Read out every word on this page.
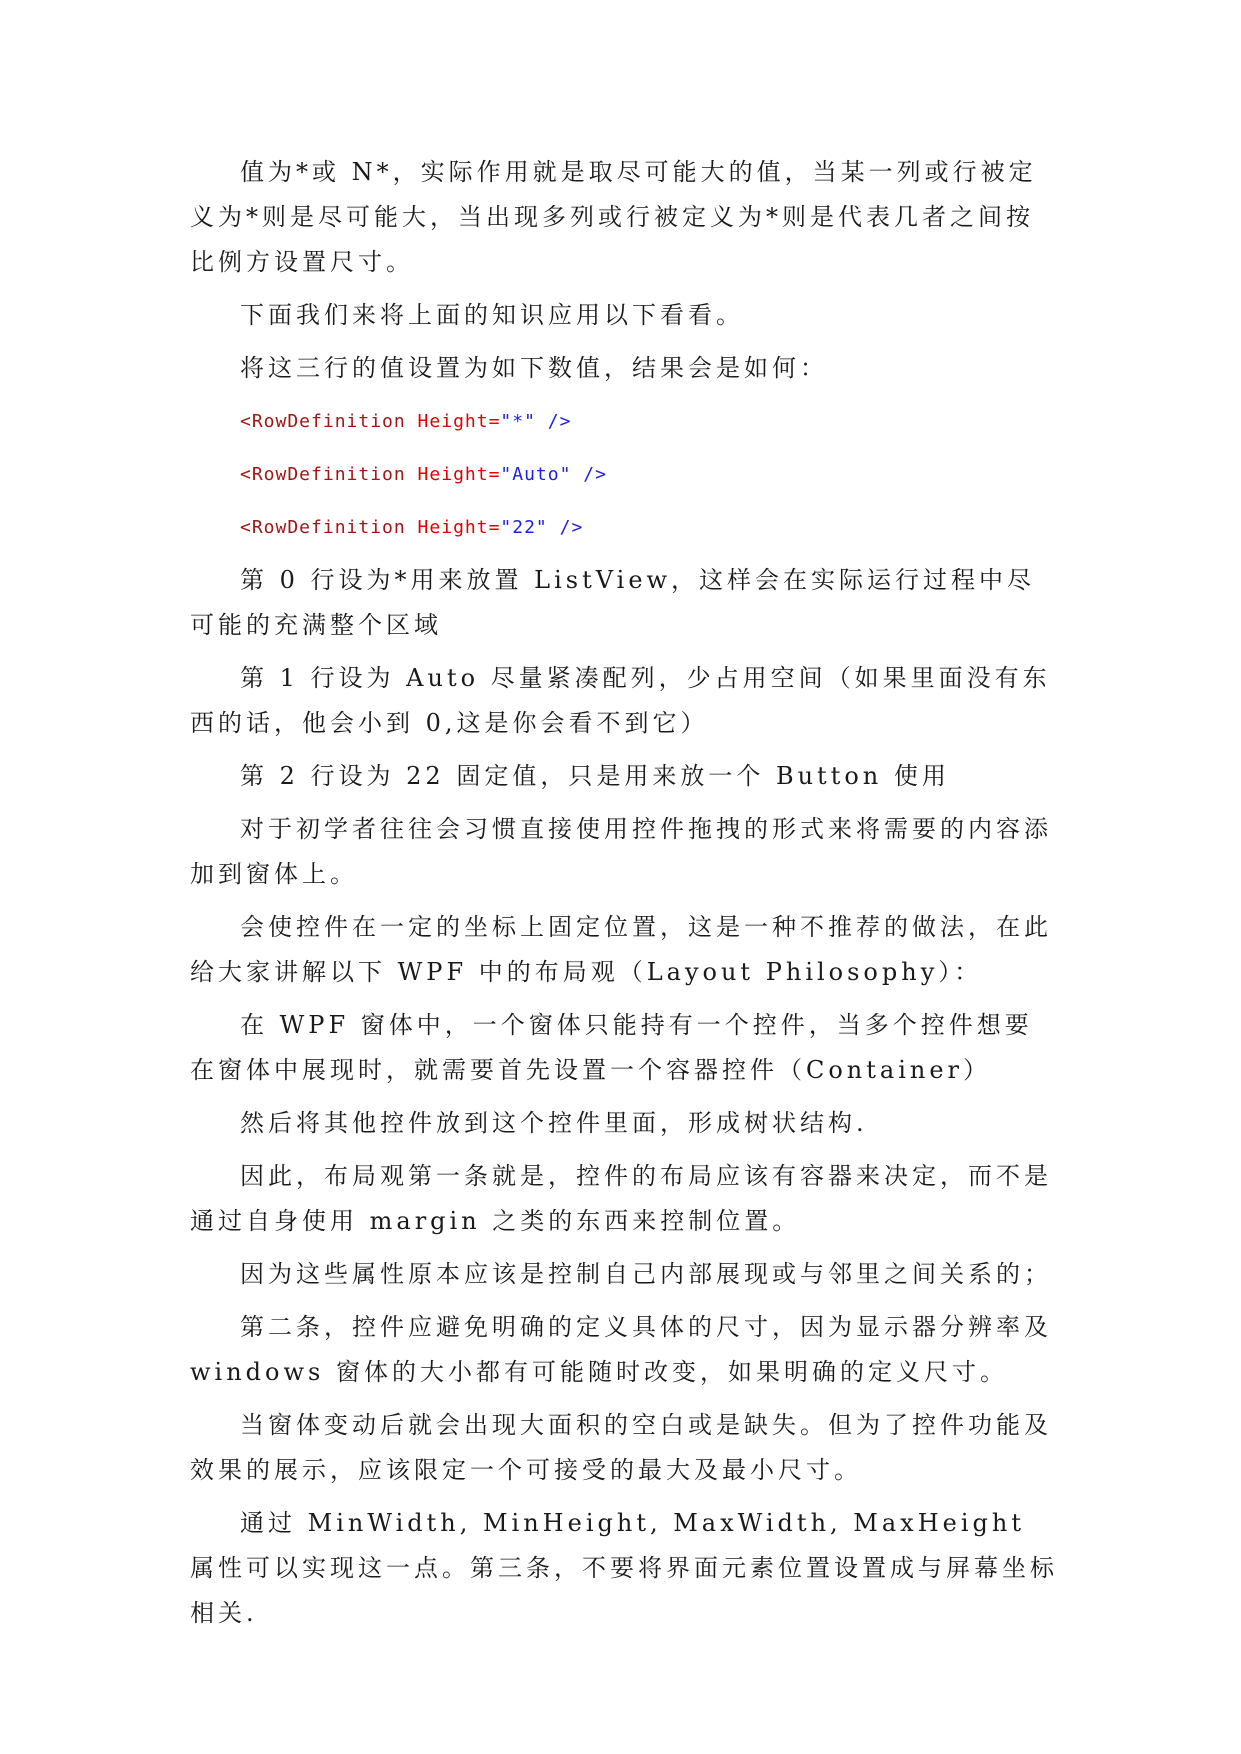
值为*或 N*，实际作用就是取尽可能大的值，当某一列或行被定义为*则是尽可能大，当出现多列或行被定义为*则是代表几者之间按比例方设置尺寸。

下面我们来将上面的知识应用以下看看。

将这三行的值设置为如下数值，结果会是如何：

<RowDefinition Height="*" />
<RowDefinition Height="Auto" />
<RowDefinition Height="22" />

第 0 行设为*用来放置 ListView，这样会在实际运行过程中尽可能的充满整个区域

第 1 行设为 Auto 尽量紧凑配列，少占用空间（如果里面没有东西的话，他会小到 0,这是你会看不到它）

第 2 行设为 22 固定值，只是用来放一个 Button 使用

对于初学者往往会习惯直接使用控件拖拽的形式来将需要的内容添加到窗体上。

会使控件在一定的坐标上固定位置，这是一种不推荐的做法，在此给大家讲解以下 WPF 中的布局观（Layout Philosophy）：

在 WPF 窗体中，一个窗体只能持有一个控件，当多个控件想要在窗体中展现时，就需要首先设置一个容器控件（Container）

然后将其他控件放到这个控件里面，形成树状结构.

因此，布局观第一条就是，控件的布局应该有容器来决定，而不是通过自身使用 margin 之类的东西来控制位置。

因为这些属性原本应该是控制自己内部展现或与邻里之间关系的；

第二条，控件应避免明确的定义具体的尺寸，因为显示器分辨率及 windows 窗体的大小都有可能随时改变，如果明确的定义尺寸。

当窗体变动后就会出现大面积的空白或是缺失。但为了控件功能及效果的展示，应该限定一个可接受的最大及最小尺寸。

通过 MinWidth, MinHeight, MaxWidth, MaxHeight 属性可以实现这一点。第三条，不要将界面元素位置设置成与屏幕坐标相关.
